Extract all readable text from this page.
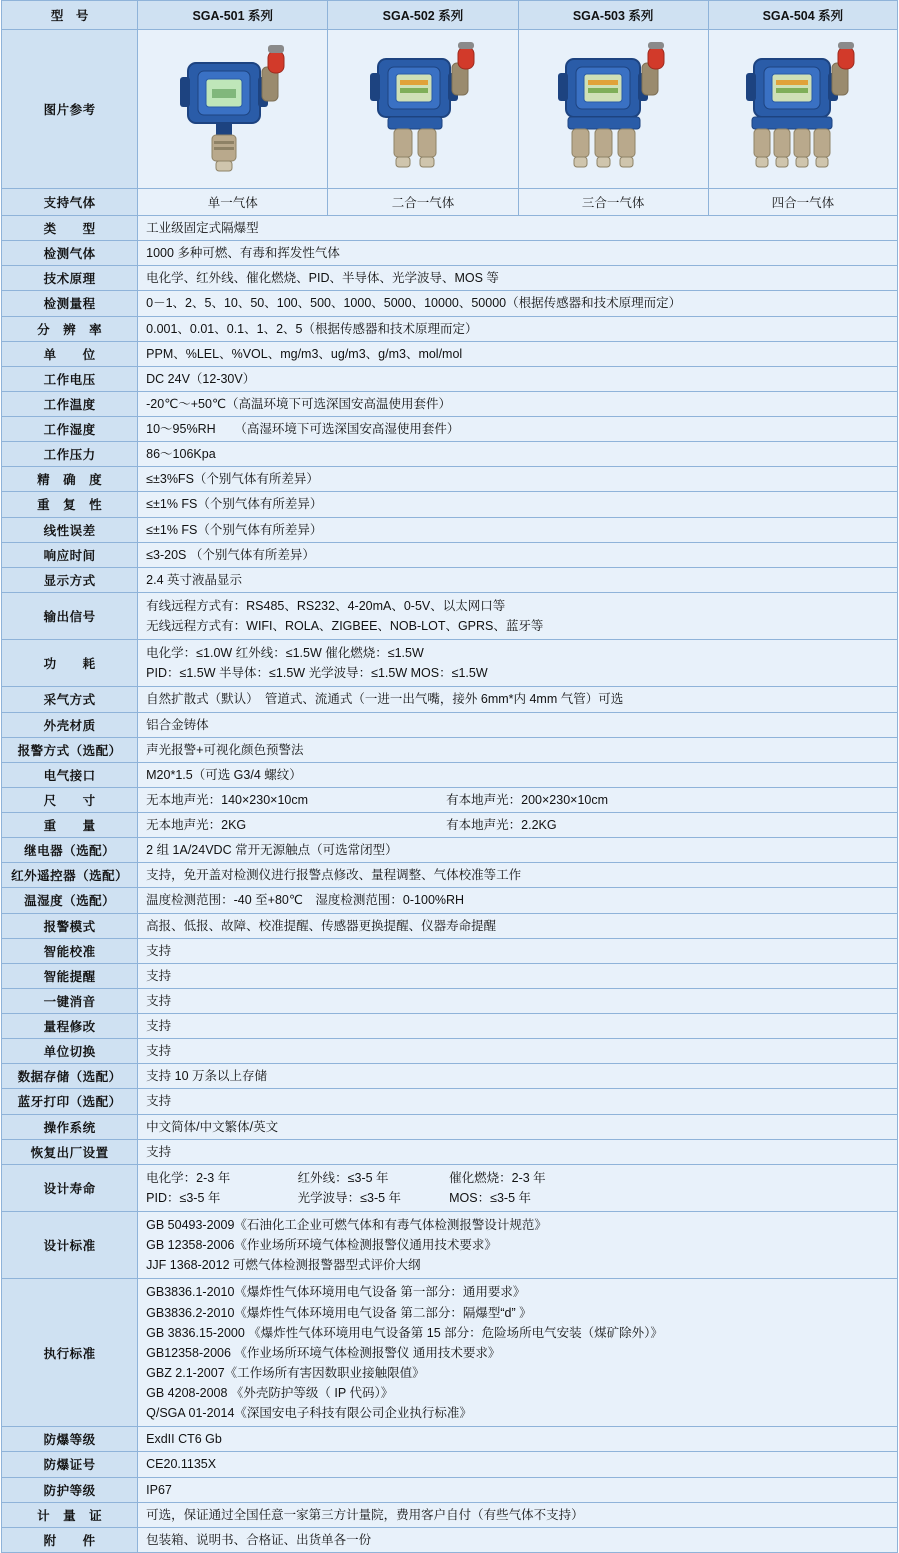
型　号	SGA-501 系列	SGA-502 系列	SGA-503 系列	SGA-504 系列
图片参考				
支持气体	单一气体	二合一气体	三合一气体	四合一气体
类　　型	工业级固定式隔爆型			
检测气体	1000 多种可燃、有毒和挥发性气体			
技术原理	电化学、红外线、催化燃烧、PID、半导体、光学波导、MOS 等			
检测量程	0－1、2、5、10、50、100、500、1000、5000、10000、50000（根据传感器和技术原理而定）			
分　辨　率	0.001、0.01、0.1、1、2、5（根据传感器和技术原理而定）			
单　　位	PPM、%LEL、%VOL、mg/m3、ug/m3、g/m3、mol/mol			
工作电压	DC 24V（12-30V）			
工作温度	-20℃～+50℃（高温环境下可选深国安高温使用套件）			
工作湿度	10～95%RH　　（高湿环境下可选深国安高湿使用套件）			
工作压力	86～106Kpa			
精　确　度	≤±3%FS（个别气体有所差异）			
重　复　性	≤±1% FS（个别气体有所差异）			
线性误差	≤±1% FS（个别气体有所差异）			
响应时间	≤3-20S （个别气体有所差异）			
显示方式	2.4 英寸液晶显示			
输出信号	有线远程方式有：RS485、RS232、4-20mA、0-5V、以太网口等
无线远程方式有：WIFI、ROLA、ZIGBEE、NOB-LOT、GPRS、蓝牙等			

功　　耗	电化学：≤1.0W 红外线：≤1.5W 催化燃烧：≤1.5W
PID：≤1.5W 半导体：≤1.5W 光学波导：≤1.5W MOS：≤1.5W			

采气方式	自然扩散式（默认）　管道式、流通式（一进一出气嘴，接外 6mm*内 4mm 气管）可选			
外壳材质	铝合金铸体			
报警方式（选配）	声光报警+可视化颜色预警法			
电气接口	M20*1.5（可选 G3/4 螺纹）			
尺　　寸	无本地声光：140×230×10cm 有本地声光：200×230×10cm			
重　　量	无本地声光：2KG 有本地声光：2.2KG			
继电器（选配）	2 组 1A/24VDC 常开无源触点（可选常闭型）			
红外遥控器（选配）	支持，免开盖对检测仪进行报警点修改、量程调整、气体校准等工作			
温湿度（选配）	温度检测范围：-40 至+80℃　湿度检测范围：0-100%RH			
报警模式	高报、低报、故障、校准提醒、传感器更换提醒、仪器寿命提醒			
智能校准	支持			
智能提醒	支持			
一键消音	支持			
量程修改	支持			
单位切换	支持			
数据存储（选配）	支持 10 万条以上存储			
蓝牙打印（选配）	支持			
操作系统	中文简体/中文繁体/英文			
恢复出厂设置	支持			
设计寿命	电化学：2-3 年 红外线：≤3-5 年 催化燃烧：2-3 年
PID：≤3-5 年 光学波导：≤3-5 年 MOS：≤3-5 年			

设计标准	GB 50493-2009《石油化工企业可燃气体和有毒气体检测报警设计规范》
GB 12358-2006《作业场所环境气体检测报警仪通用技术要求》
JJF 1368-2012 可燃气体检测报警器型式评价大纲			

执行标准	
GB3836.1-2010《爆炸性气体环境用电气设备 第一部分：通用要求》
GB3836.2-2010《爆炸性气体环境用电气设备 第二部分：隔爆型“d” 》
GB 3836.15-2000 《爆炸性气体环境用电气设备第 15 部分：危险场所电气安装（煤矿除外）》
GB12358-2006 《作业场所环境气体检测报警仪 通用技术要求》
GBZ 2.1-2007《工作场所有害因数职业接触限值》
GB 4208-2008 《外壳防护等级（ IP 代码）》
Q/SGA 01-2014《深国安电子科技有限公司企业执行标准》

防爆等级	ExdII CT6 Gb			
防爆证号	CE20.1135X			
防护等级	IP67			
计　量　证	可选，保证通过全国任意一家第三方计量院，费用客户自付（有些气体不支持）			
附　　件	包装箱、说明书、合格证、出货单各一份			
